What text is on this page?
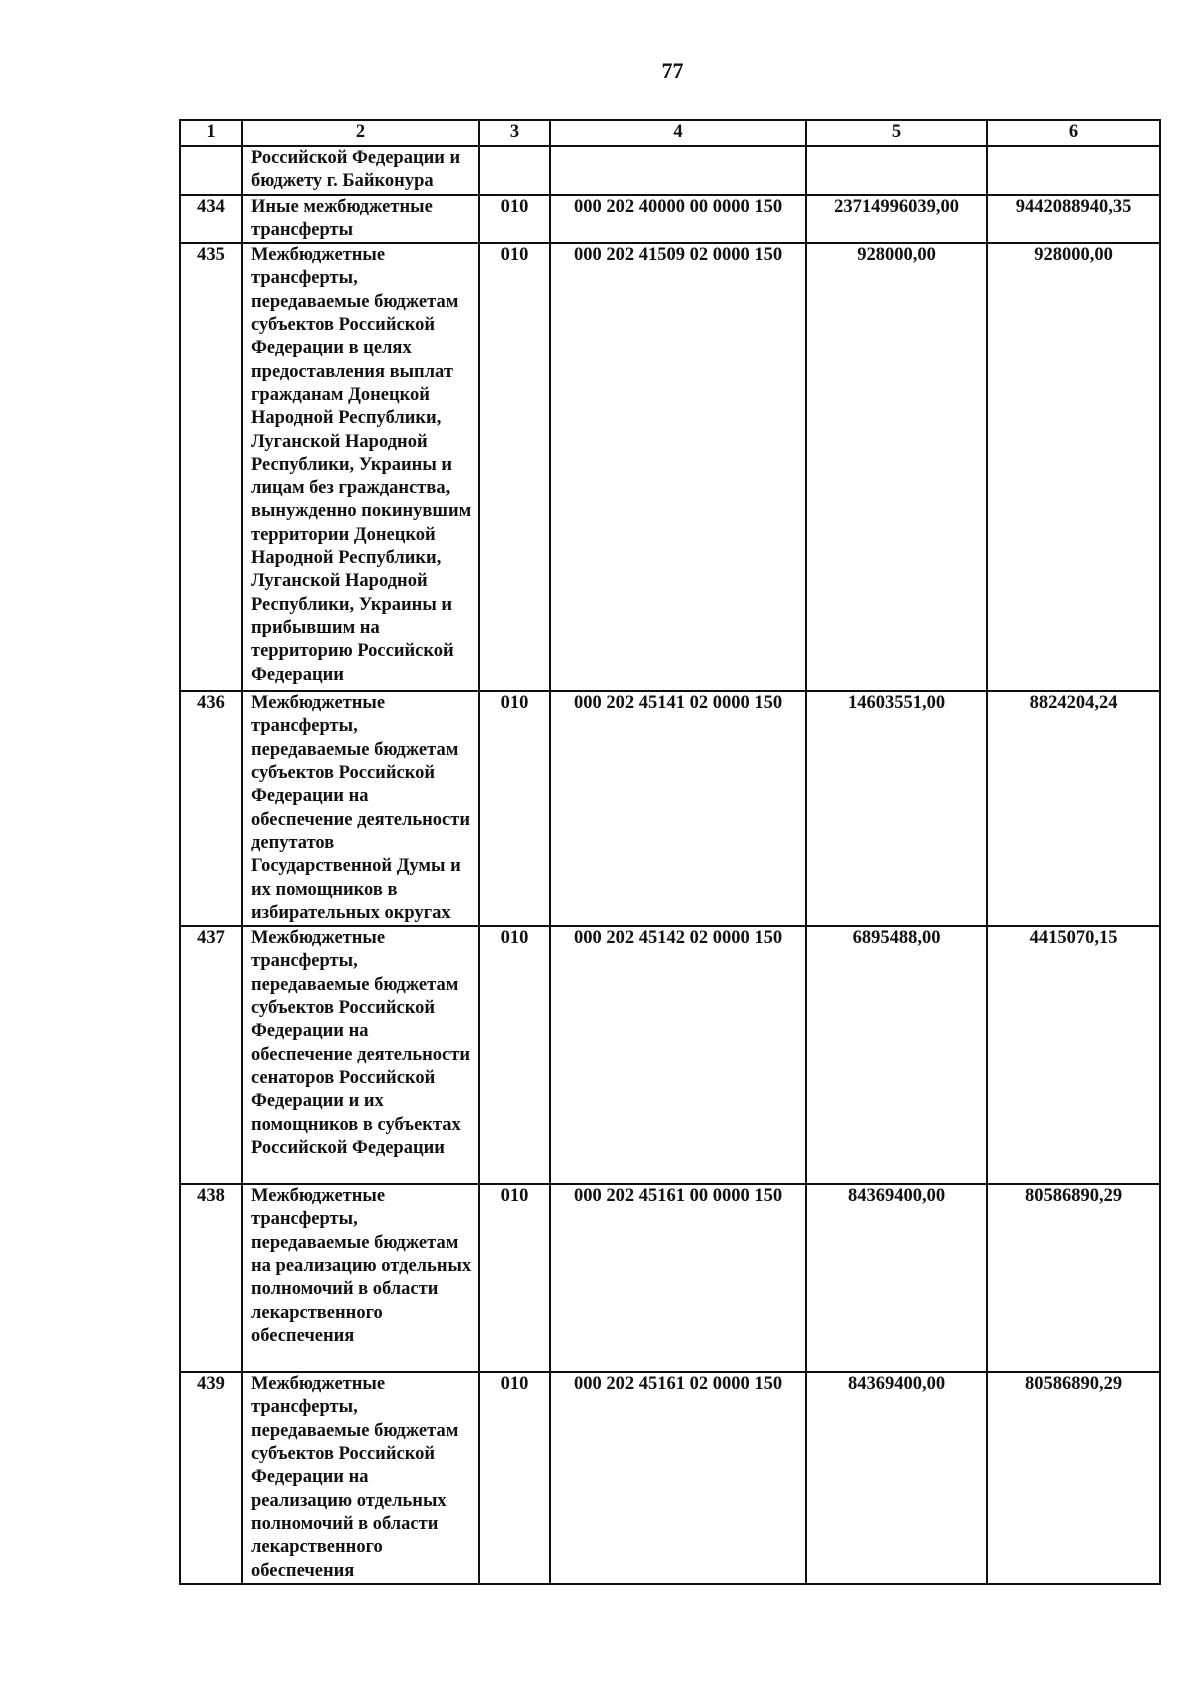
77
1	2	3	4	5	6
	Российской Федерации и бюджету г. Байконура				
434	Иные межбюджетные трансферты	010	000 202 40000 00 0000 150	23714996039,00	9442088940,35
435	Межбюджетные трансферты, передаваемые бюджетам субъектов Российской Федерации в целях предоставления выплат гражданам Донецкой Народной Республики, Луганской Народной Республики, Украины и лицам без гражданства, вынужденно покинувшим территории Донецкой Народной Республики, Луганской Народной Республики, Украины и прибывшим на территорию Российской Федерации	010	000 202 41509 02 0000 150	928000,00	928000,00
436	Межбюджетные трансферты, передаваемые бюджетам субъектов Российской Федерации на обеспечение деятельности депутатов Государственной Думы и их помощников в избирательных округах	010	000 202 45141 02 0000 150	14603551,00	8824204,24
437	Межбюджетные трансферты, передаваемые бюджетам субъектов Российской Федерации на обеспечение деятельности сенаторов Российской Федерации и их помощников в субъектах Российской Федерации	010	000 202 45142 02 0000 150	6895488,00	4415070,15
438	Межбюджетные трансферты, передаваемые бюджетам на реализацию отдельных полномочий в области лекарственного обеспечения	010	000 202 45161 00 0000 150	84369400,00	80586890,29
439	Межбюджетные трансферты, передаваемые бюджетам субъектов Российской Федерации на реализацию отдельных полномочий в области лекарственного обеспечения	010	000 202 45161 02 0000 150	84369400,00	80586890,29
